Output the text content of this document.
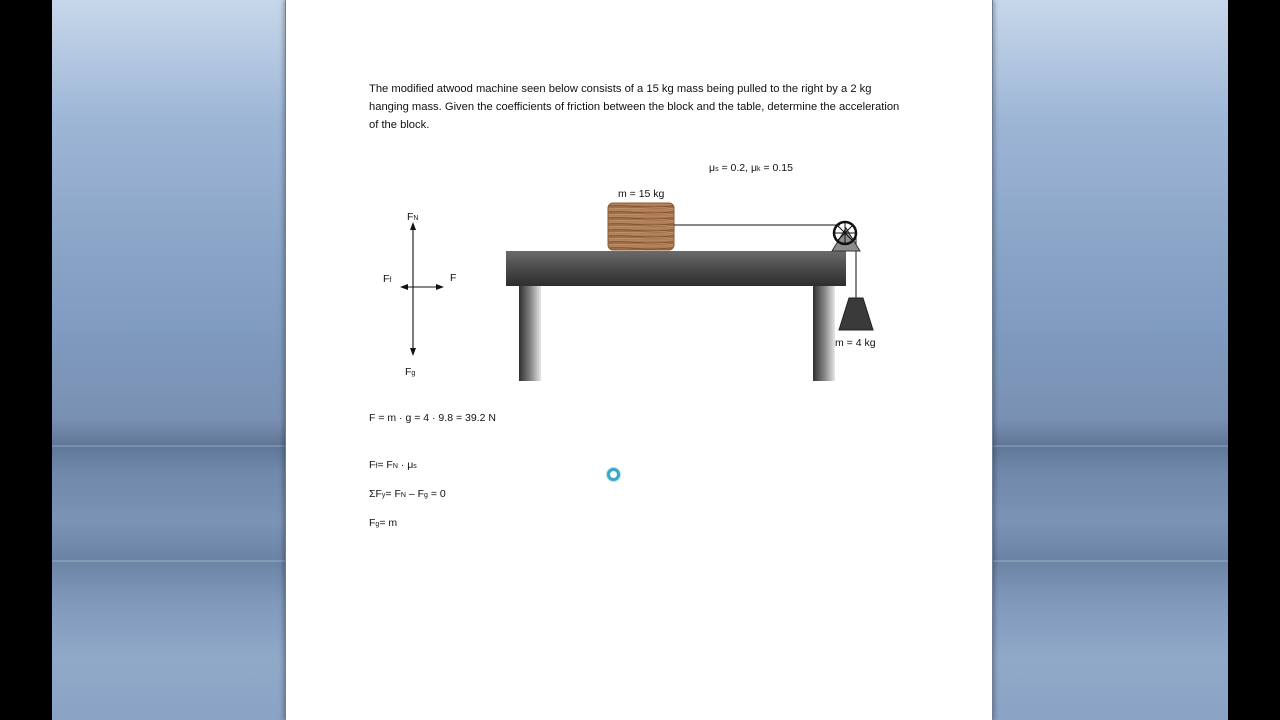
The modified atwood machine seen below consists of a 15 kg mass being pulled to the right by a 2 kg hanging mass. Given the coefficients of friction between the block and the table, determine the acceleration of the block.
μs = 0.2, μk = 0.15
m = 15 kg
m = 4 kg
FN
Ff	F
Fg
F = m · g = 4 · 9.8 = 39.2 N
Ff= FN · μs
ΣFy= FN – Fg = 0
Fg= m
